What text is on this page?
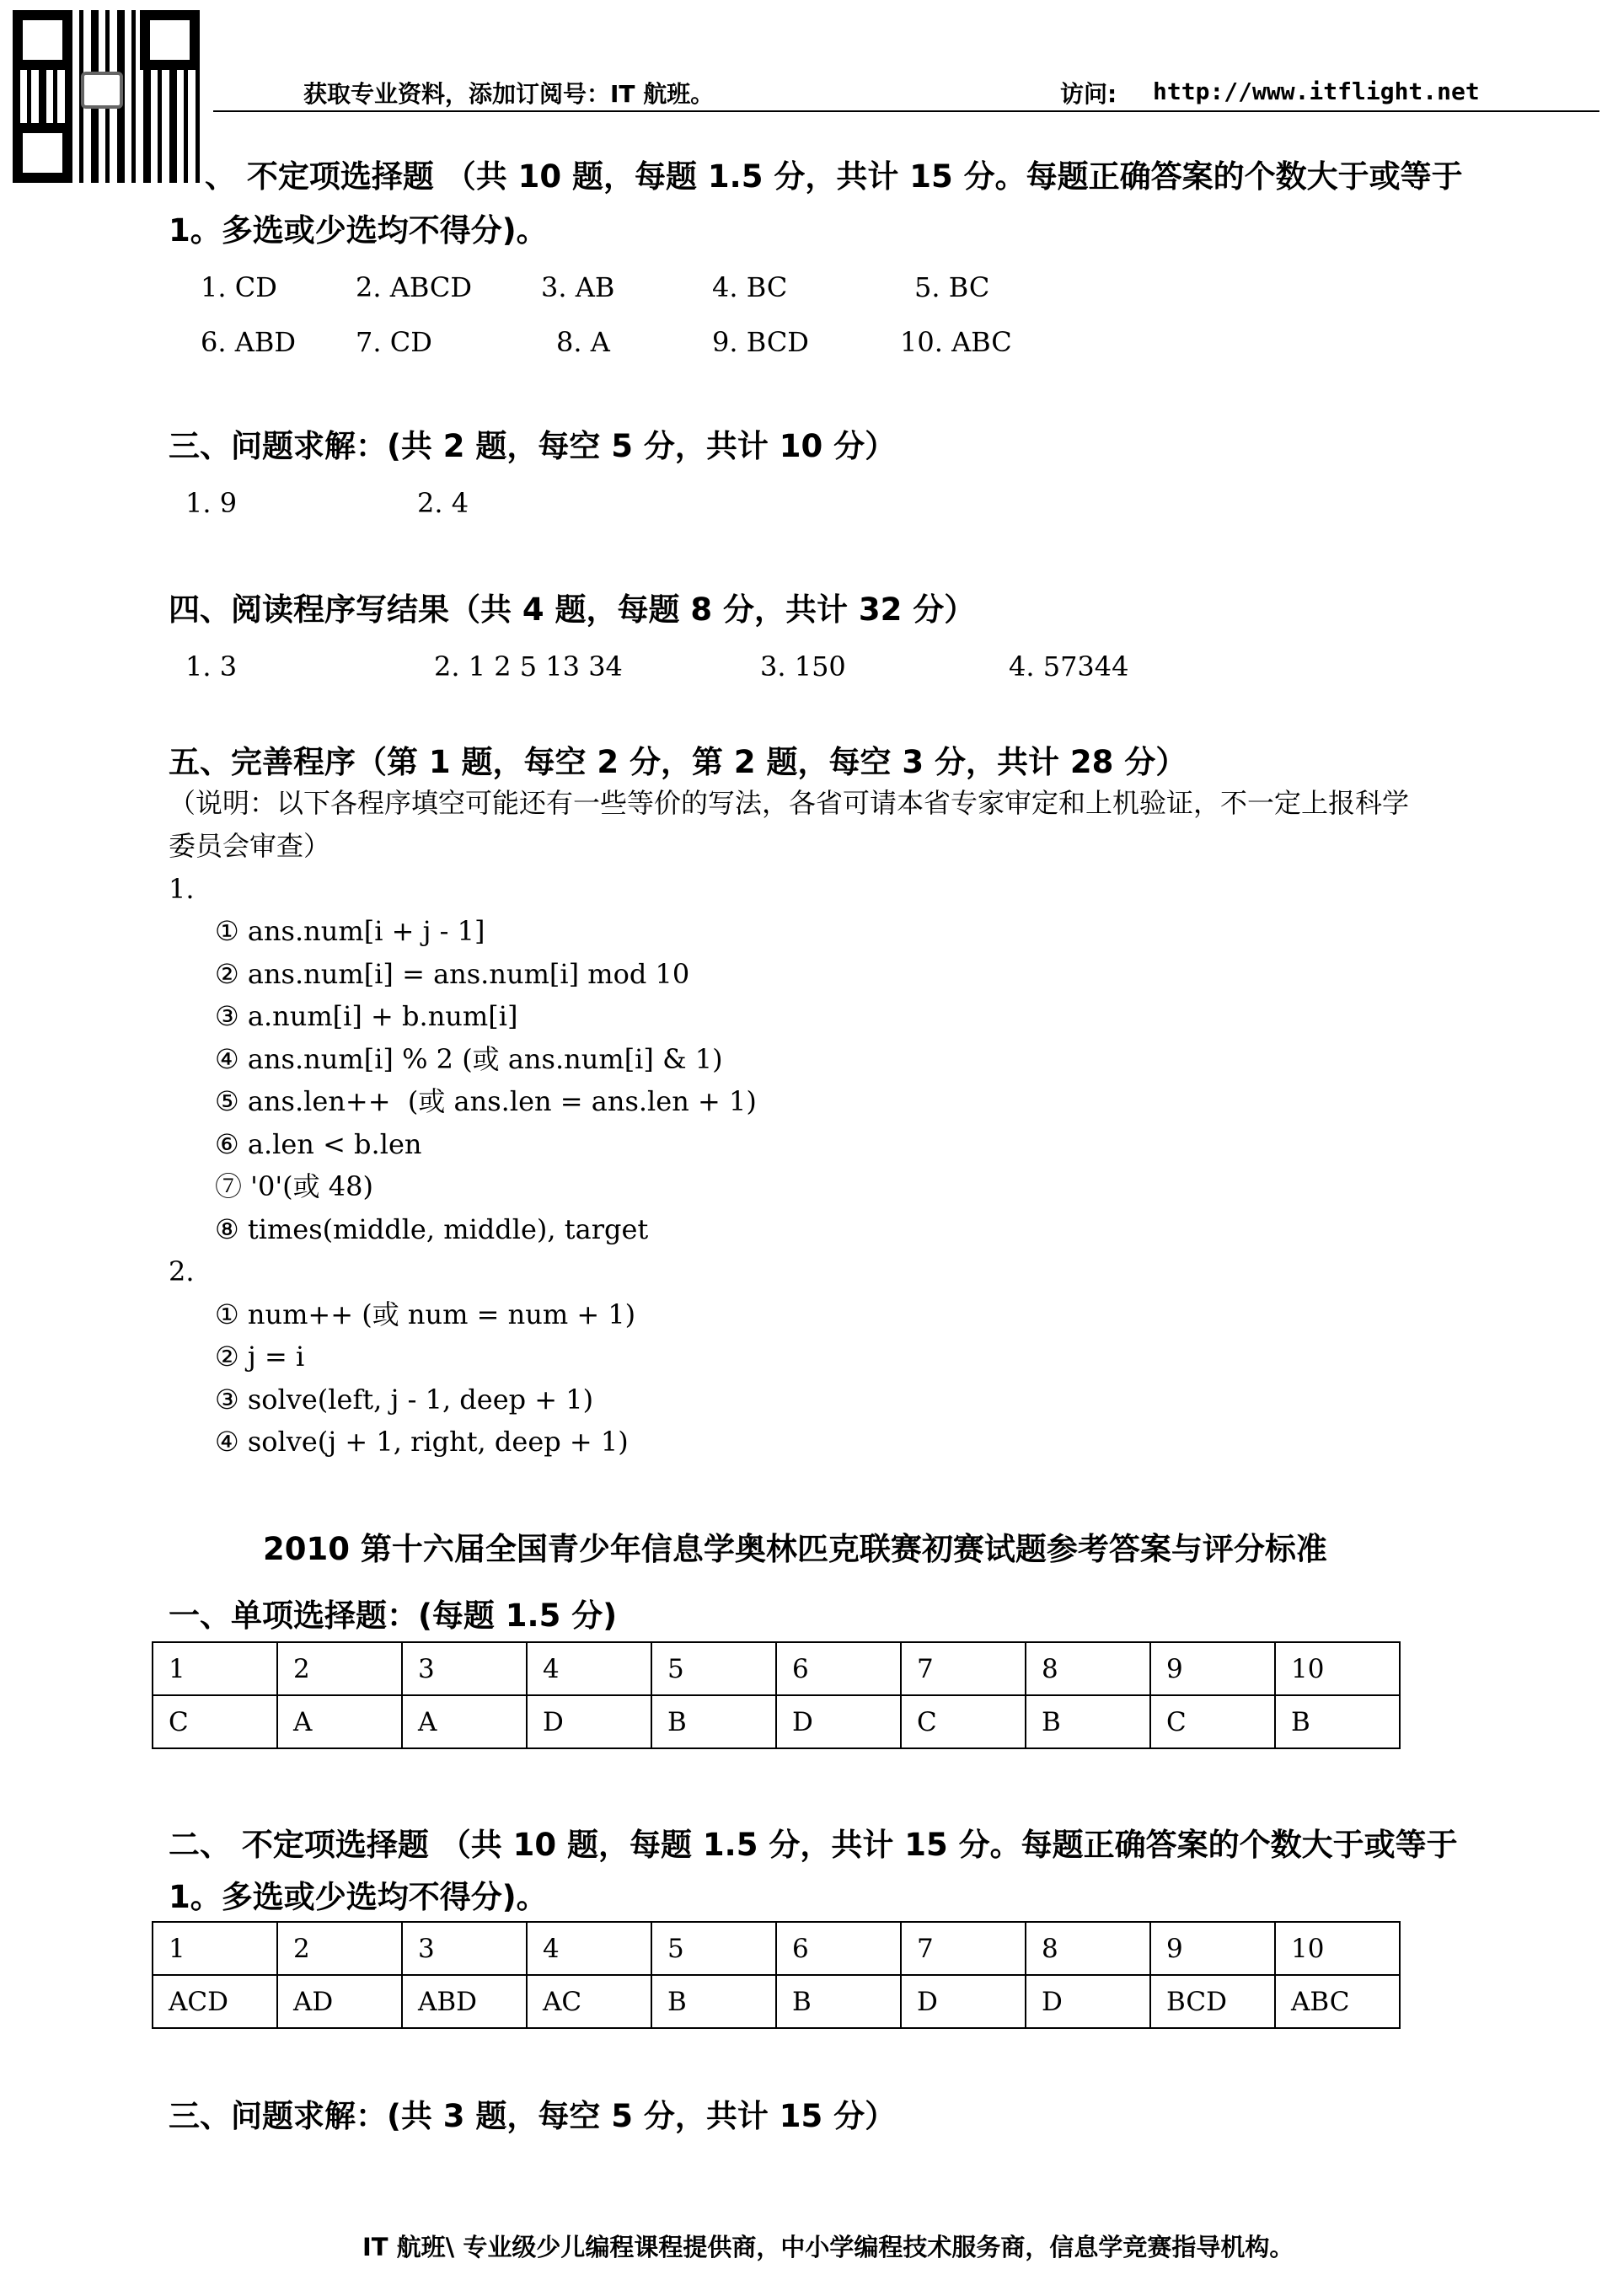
获取专业资料，添加订阅号：IT 航班。	访问: http://www.itflight.net
、 不定项选择题 （共 10 题，每题 1.5 分，共计 15 分。每题正确答案的个数大于或等于
1。多选或少选均不得分)。
1. CD	2. ABCD	3. AB	4. BC	5. BC
6. ABD 7. CD	8. A	9. BCD	10. ABC
三、问题求解：(共 2 题，每空 5 分，共计 10 分）
1. 9	2. 4
四、阅读程序写结果（共 4 题，每题 8 分，共计 32 分）
1. 3	2. 1 2 5 13 34	3. 150	4. 57344
五、完善程序（第 1 题，每空 2 分，第 2 题，每空 3 分，共计 28 分）
（说明：以下各程序填空可能还有一些等价的写法，各省可请本省专家审定和上机验证，不一定上报科学
委员会审查）
1.
① ans.num[i + j - 1]
② ans.num[i] = ans.num[i] mod 10
③ a.num[i] + b.num[i]
④ ans.num[i] % 2 (或 ans.num[i] & 1)
⑤ ans.len++  (或 ans.len = ans.len + 1)
⑥ a.len < b.len
⑦ '0'(或 48)
⑧ times(middle, middle), target
2.
① num++ (或 num = num + 1)
② j = i
③ solve(left, j - 1, deep + 1)
④ solve(j + 1, right, deep + 1)
2010 第十六届全国青少年信息学奥林匹克联赛初赛试题参考答案与评分标准
一、单项选择题：(每题 1.5 分)
1	2	3	4	5	6	7	8	9	10
C	A	A	D	B	D	C	B	C	B
二、 不定项选择题 （共 10 题，每题 1.5 分，共计 15 分。每题正确答案的个数大于或等于
1。多选或少选均不得分)。
1	2	3	4	5	6	7	8	9	10
ACD	AD	ABD	AC	B	B	D	D	BCD	ABC
三、问题求解：(共 3 题，每空 5 分，共计 15 分）
IT 航班\ 专业级少儿编程课程提供商，中小学编程技术服务商，信息学竞赛指导机构。
